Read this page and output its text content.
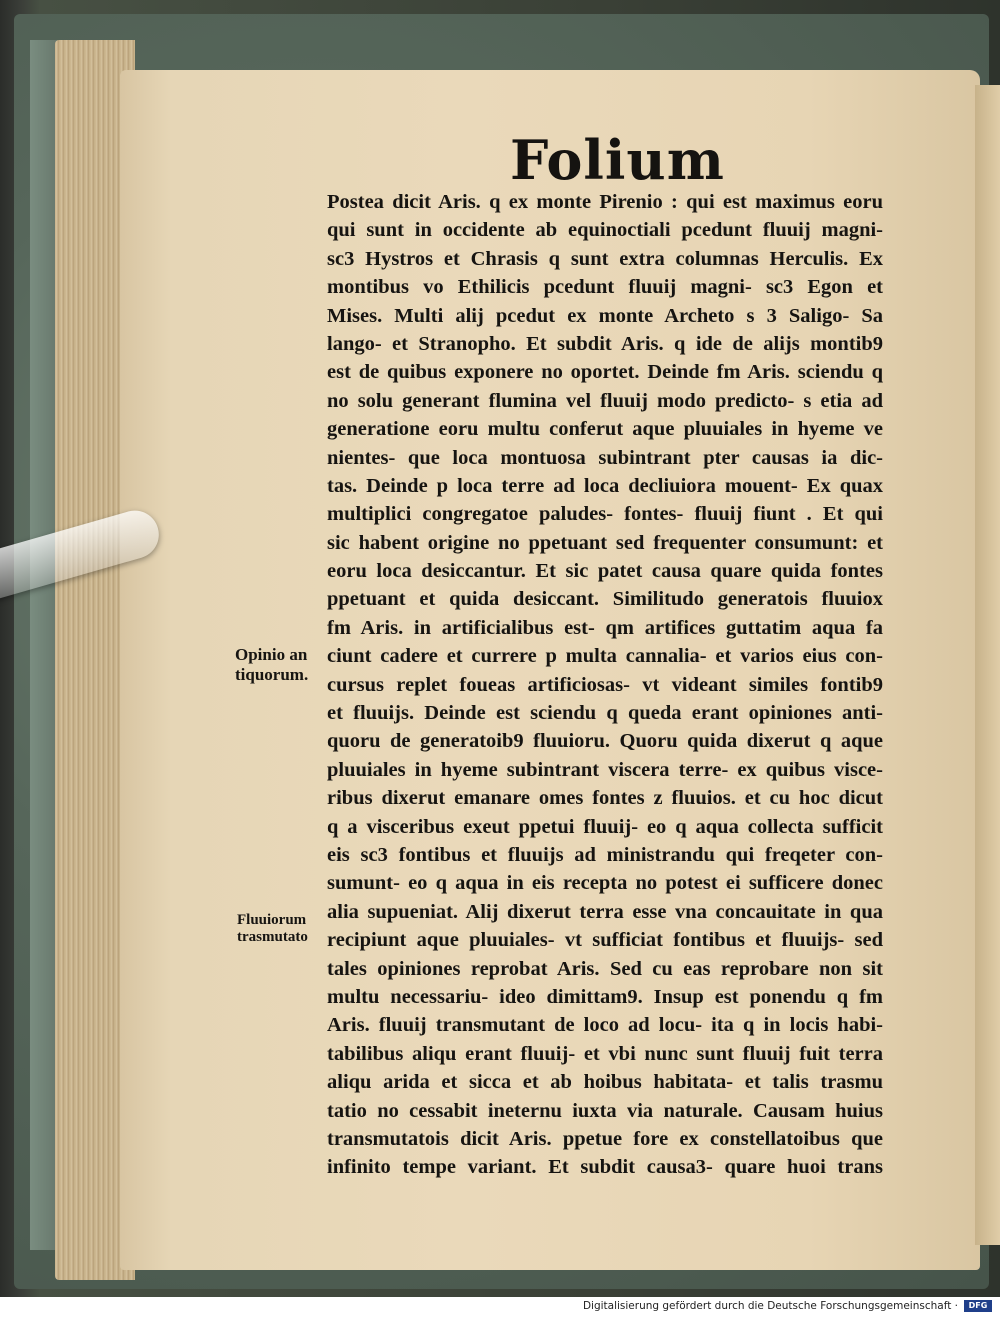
Folium
Postea dicit Aris. q ex monte Pirenio : qui est maximus eoru
qui sunt in occidente ab equinoctiali pcedunt fluuij magni-
sc3 Hystros et Chrasis q sunt extra columnas Herculis. Ex
montibus vo Ethilicis pcedunt fluuij magni- sc3 Egon et
Mises. Multi alij pcedut ex monte Archeto s 3 Saligo- Sa
lango- et Stranopho. Et subdit Aris. q ide de alijs montib9
est de quibus exponere no oportet. Deinde fm Aris. sciendu q
no solu generant flumina vel fluuij modo predicto- s etia ad
generatione eoru multu conferut aque pluuiales in hyeme ve
nientes- que loca montuosa subintrant pter causas ia dic-
tas. Deinde p loca terre ad loca decliuiora mouent- Ex quax
multiplici congregatoe paludes- fontes- fluuij fiunt . Et qui
sic habent origine no ppetuant sed frequenter consumunt: et
eoru loca desiccantur. Et sic patet causa quare quida fontes
ppetuant et quida desiccant. Similitudo generatois fluuiox
fm Aris. in artificialibus est- qm artifices guttatim aqua fa
ciunt cadere et currere p multa cannalia- et varios eius con-
cursus replet foueas artificiosas- vt videant similes fontib9
et fluuijs. Deinde est sciendu q queda erant opiniones anti-
quoru de generatoib9 fluuioru. Quoru quida dixerut q aque
pluuiales in hyeme subintrant viscera terre- ex quibus visce-
ribus dixerut emanare omes fontes z fluuios. et cu hoc dicut
q a visceribus exeut ppetui fluuij- eo q aqua collecta sufficit
eis sc3 fontibus et fluuijs ad ministrandu qui freqeter con-
sumunt- eo q aqua in eis recepta no potest ei sufficere donec
alia supueniat. Alij dixerut terra esse vna concauitate in qua
recipiunt aque pluuiales- vt sufficiat fontibus et fluuijs- sed
tales opiniones reprobat Aris. Sed cu eas reprobare non sit
multu necessariu- ideo dimittam9. Insup est ponendu q fm
Aris. fluuij transmutant de loco ad locu- ita q in locis habi-
tabilibus aliqu erant fluuij- et vbi nunc sunt fluuij fuit terra
aliqu arida et sicca et ab hoibus habitata- et talis trasmu
tatio no cessabit ineternu iuxta via naturale. Causam huius
transmutatois dicit Aris. ppetue fore ex constellatoibus que
infinito tempe variant. Et subdit causa3- quare huoi trans
Opinio an
tiquorum.
Fluuiorum
trasmutato
Digitalisierung gefördert durch die Deutsche Forschungsgemeinschaft ·	DFG
